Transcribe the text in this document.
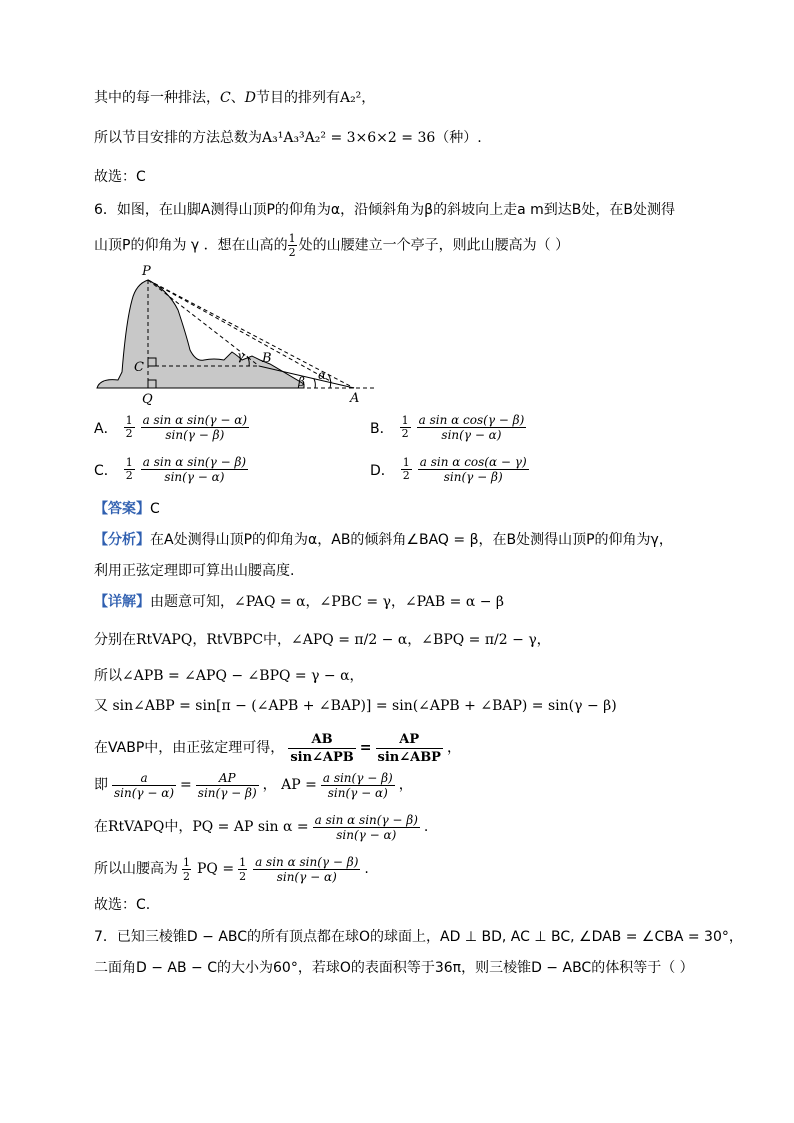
其中的每一种排法，C、D节目的排列有A₂²，
所以节目安排的方法总数为A₃¹A₃³A₂² = 3×6×2 = 36（种）.
故选：C
6．如图，在山脚A测得山顶P的仰角为α，沿倾斜角为β的斜坡向上走a m到达B处，在B处测得
山顶P的仰角为 γ ．想在山高的 $\frac{1}{2}$ 处的山腰建立一个亭子，则此山腰高为（ ）
P
B
C
Q	A
γ
α
β
A． $\frac{1}{2} \frac{\text{a sin α sin(γ − α)}}{\sin(\gamma - \beta)}$	B． $\frac{1}{2} \frac{\text{a sin α cos(γ − β)}}{\sin(\gamma - \alpha)}$
C． $\frac{1}{2} \frac{\text{a sin α sin(γ − β)}}{\sin(\gamma - \alpha)}$	D． $\frac{1}{2} \frac{\text{a sin α cos(α − γ)}}{\sin(\gamma - \beta)}$
【答案】C
【分析】在A处测得山顶P的仰角为α，AB的倾斜角∠BAQ = β，在B处测得山顶P的仰角为γ，
利用正弦定理即可算出山腰高度.
【详解】由题意可知，∠PAQ = α，∠PBC = γ，∠PAB = α − β
分别在RtVAPQ，RtVBPC中，∠APQ = π/2 − α，∠BPQ = π/2 − γ，
所以∠APB = ∠APQ − ∠BPQ = γ − α，
又 sin∠ABP = sin[π − (∠APB + ∠BAP)] = sin(∠APB + ∠BAP) = sin(γ − β)
在VABP中，由正弦定理可得， $\frac{AB}{\text{sin∠APB}} = \frac{AP}{\text{sin∠ABP}}$ ，
即 $\frac{a}{\sin(\gamma - \alpha)} = \frac{AP}{\sin(\gamma - \beta)}$ ， AP = $\frac{\text{a sin(γ − β)}}{\sin(\gamma - \alpha)}$ ，
在RtVAPQ中，PQ = AP $\sin \alpha = \frac{\text{a sin α sin(γ − β)}}{\sin(\gamma - \alpha)}$ .
所以山腰高为 $\frac{1}{2}$ PQ = $\frac{1}{2} \frac{\text{a sin α sin(γ − β)}}{\sin(\gamma - \alpha)}$ .
故选：C.
7．已知三棱锥D − ABC的所有顶点都在球O的球面上，AD ⊥ BD, AC ⊥ BC, ∠DAB = ∠CBA = 30°，
二面角D − AB − C的大小为60°，若球O的表面积等于36π，则三棱锥D − ABC的体积等于（ ）
